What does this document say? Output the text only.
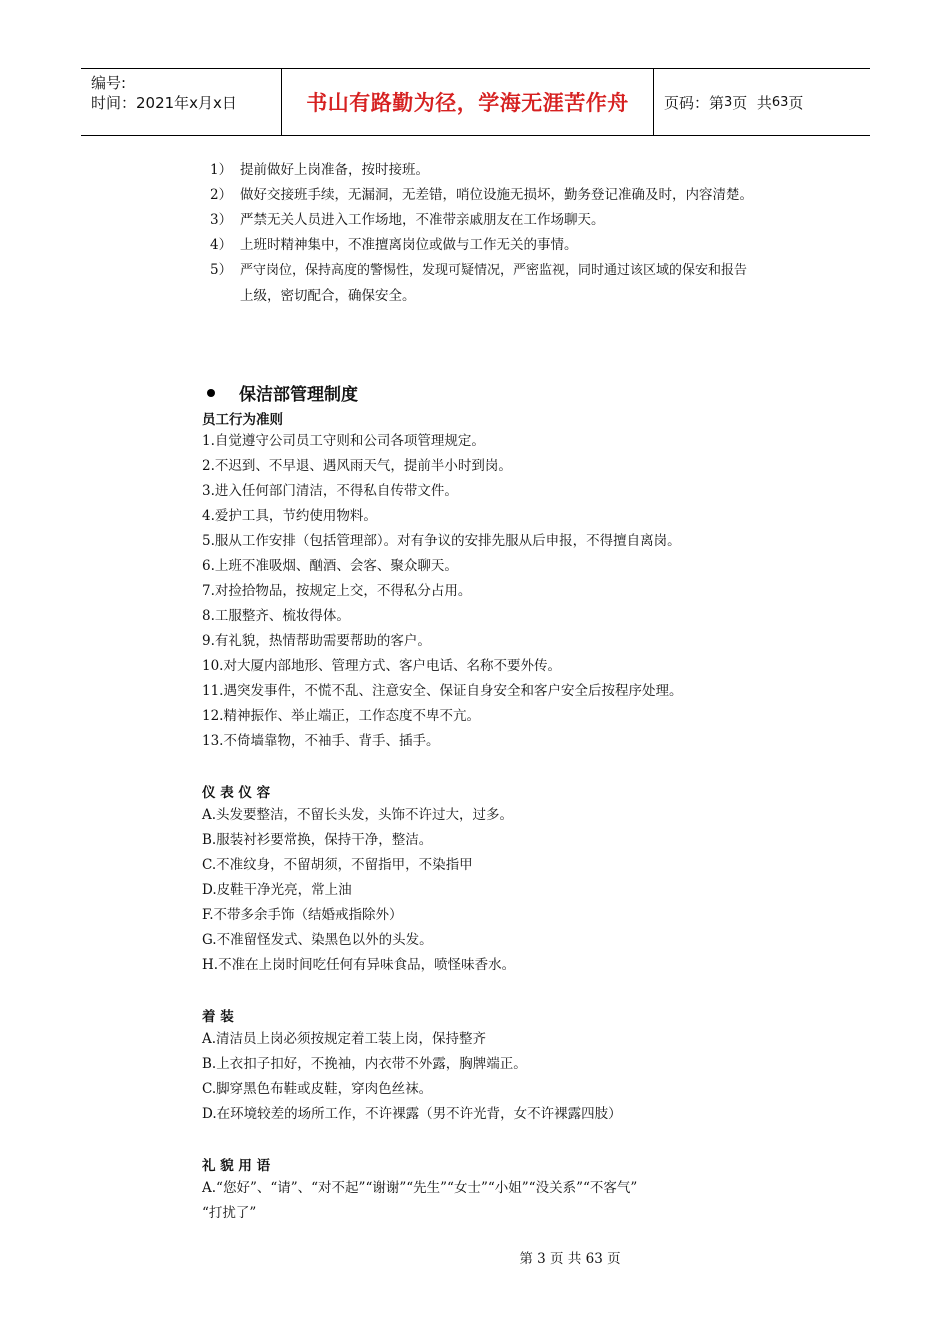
编号:
时间：2021年x月x日	书山有路勤为径，学海无涯苦作舟	页码：第 3 页  共 63 页
1） 提前做好上岗准备，按时接班。
2） 做好交接班手续，无漏洞，无差错，哨位设施无损坏，勤务登记准确及时，内容清楚。
3） 严禁无关人员进入工作场地，不准带亲戚朋友在工作场聊天。
4） 上班时精神集中，不准擅离岗位或做与工作无关的事情。
5） 严守岗位，保持高度的警惕性，发现可疑情况，严密监视，同时通过该区域的保安和报告
上级，密切配合，确保安全。
保洁部管理制度
员工行为准则
1.自觉遵守公司员工守则和公司各项管理规定。
2.不迟到、不早退、遇风雨天气，提前半小时到岗。
3.进入任何部门清洁，不得私自传带文件。
4.爱护工具，节约使用物料。
5.服从工作安排（包括管理部）。对有争议的安排先服从后申报，不得擅自离岗。
6.上班不准吸烟、酗酒、会客、聚众聊天。
7.对捡拾物品，按规定上交，不得私分占用。
8.工服整齐、梳妆得体。
9.有礼貌，热情帮助需要帮助的客户。
10.对大厦内部地形、管理方式、客户电话、名称不要外传。
11.遇突发事件，不慌不乱、注意安全、保证自身安全和客户安全后按程序处理。
12.精神振作、举止端正，工作态度不卑不亢。
13.不倚墙靠物，不袖手、背手、插手。
仪 表 仪 容
A.头发要整洁，不留长头发，头饰不许过大，过多。
B.服装衬衫要常换，保持干净，整洁。
C.不准纹身，不留胡须，不留指甲，不染指甲
D.皮鞋干净光亮，常上油
F.不带多余手饰（结婚戒指除外）
G.不准留怪发式、染黑色以外的头发。
H.不准在上岗时间吃任何有异味食品，喷怪味香水。
着 装
A.清洁员上岗必须按规定着工装上岗，保持整齐
B.上衣扣子扣好，不挽袖，内衣带不外露，胸牌端正。
C.脚穿黑色布鞋或皮鞋，穿肉色丝袜。
D.在环境较差的场所工作，不许裸露（男不许光背，女不许裸露四肢）
礼 貌 用 语
A.“您好”、“请”、“对不起”“谢谢”“先生”“女士”“小姐”“没关系”“不客气”
“打扰了”
第 3 页 共 63 页
